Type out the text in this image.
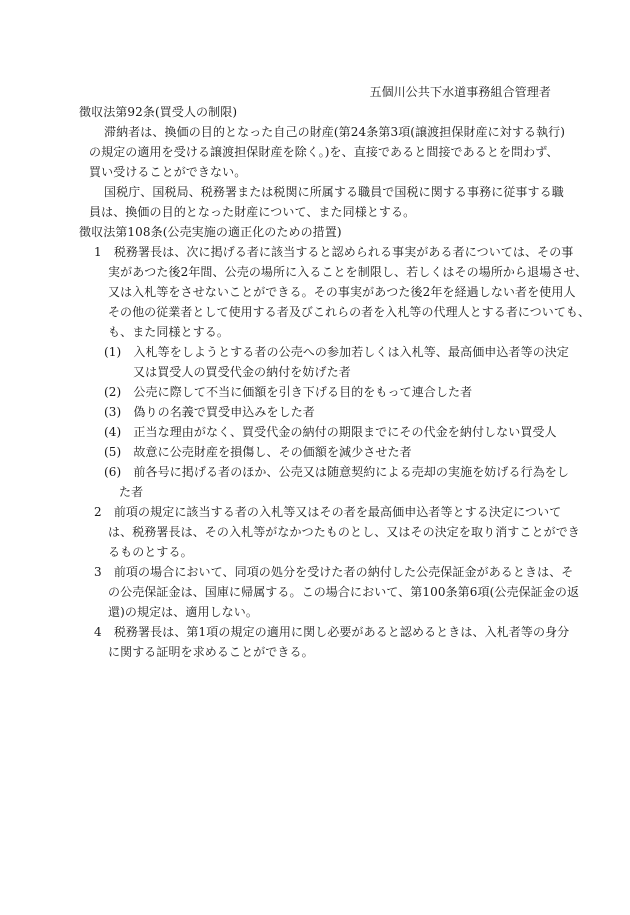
五個川公共下水道事務組合管理者
徴収法第92条(買受人の制限)
滞納者は、換価の目的となった自己の財産(第24条第3項(譲渡担保財産に対する執行)
の規定の適用を受ける譲渡担保財産を除く。)を、直接であると間接であるとを問わず、
買い受けることができない。
国税庁、国税局、税務署または税関に所属する職員で国税に関する事務に従事する職
員は、換価の目的となった財産について、また同様とする。
徴収法第108条(公売実施の適正化のための措置)
1　税務署長は、次に掲げる者に該当すると認められる事実がある者については、その事
実があつた後2年間、公売の場所に入ることを制限し、若しくはその場所から退場させ、
又は入札等をさせないことができる。その事実があつた後2年を経過しない者を使用人
その他の従業者として使用する者及びこれらの者を入札等の代理人とする者についても、
も、また同様とする。
(1)　入札等をしようとする者の公売への参加若しくは入札等、最高価申込者等の決定
又は買受人の買受代金の納付を妨げた者
(2)　公売に際して不当に価額を引き下げる目的をもって連合した者
(3)　偽りの名義で買受申込みをした者
(4)　正当な理由がなく、買受代金の納付の期限までにその代金を納付しない買受人
(5)　故意に公売財産を損傷し、その価額を減少させた者
(6)　前各号に掲げる者のほか、公売又は随意契約による売却の実施を妨げる行為をし
た者
2　前項の規定に該当する者の入札等又はその者を最高価申込者等とする決定について
は、税務署長は、その入札等がなかつたものとし、又はその決定を取り消すことができ
るものとする。
3　前項の場合において、同項の処分を受けた者の納付した公売保証金があるときは、そ
の公売保証金は、国庫に帰属する。この場合において、第100条第6項(公売保証金の返
還)の規定は、適用しない。
4　税務署長は、第1項の規定の適用に関し必要があると認めるときは、入札者等の身分
に関する証明を求めることができる。
